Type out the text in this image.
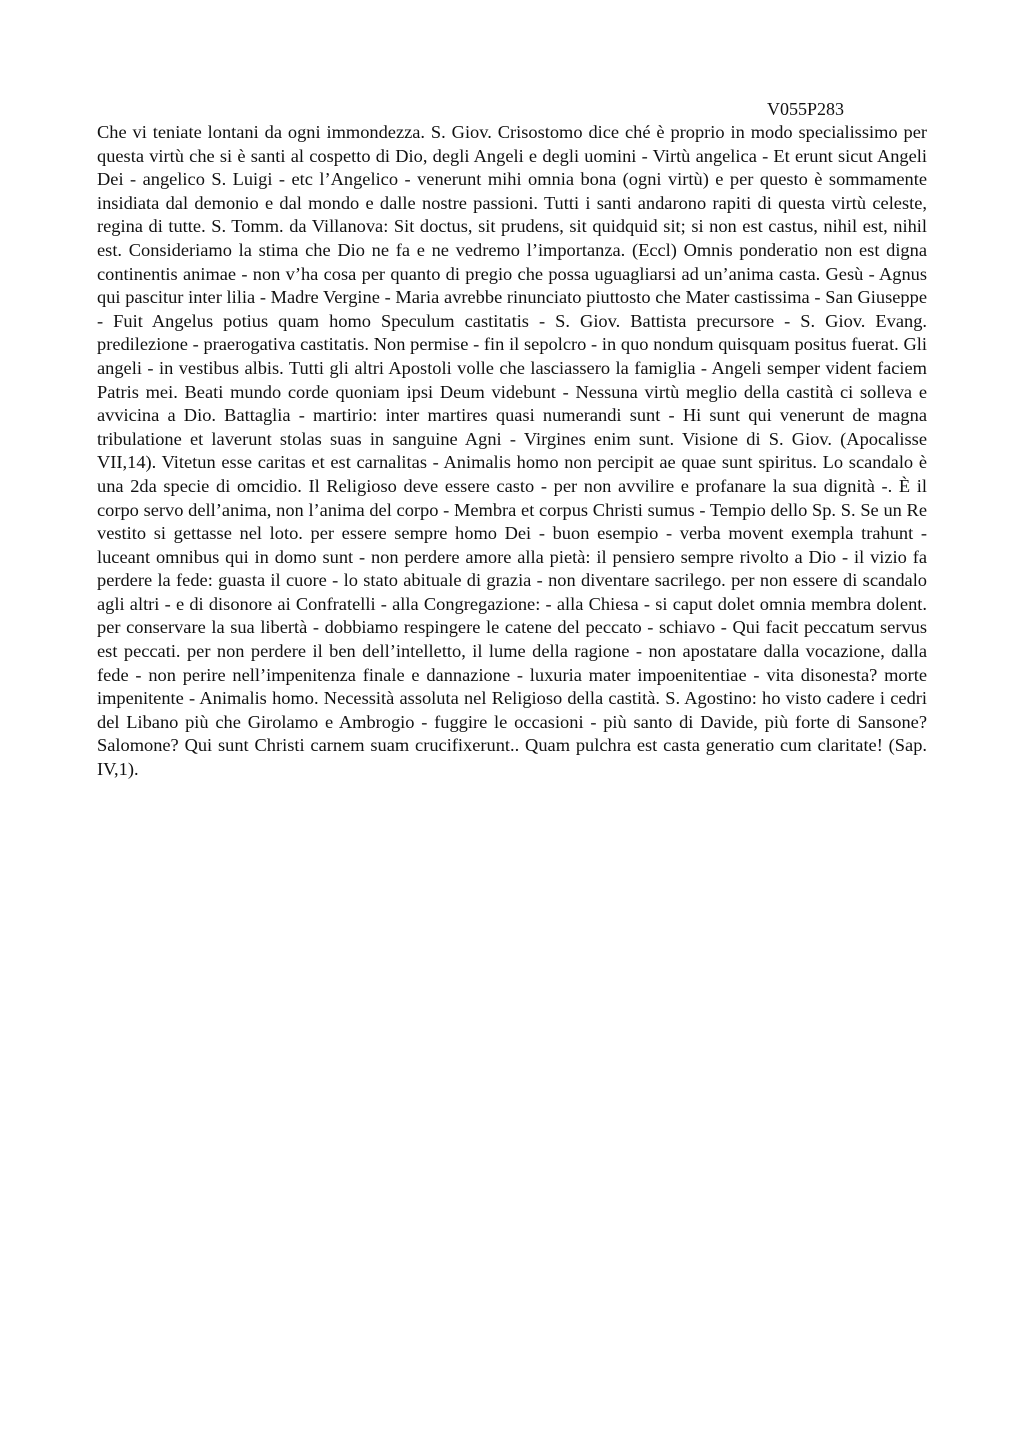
V055P283

Che vi teniate lontani da ogni immondezza. S. Giov. Crisostomo dice ché è proprio in modo specialissimo per questa virtù che si è santi al cospetto di Dio, degli Angeli e degli uomini - Virtù angelica - Et erunt sicut Angeli Dei - angelico S. Luigi - etc l’Angelico - venerunt mihi omnia bona (ogni virtù) e per questo è sommamente insidiata dal demonio e dal mondo e dalle nostre passioni. Tutti i santi andarono rapiti di questa virtù celeste, regina di tutte. S. Tomm. da Villanova: Sit doctus, sit prudens, sit quidquid sit; si non est castus, nihil est, nihil est. Consideriamo la stima che Dio ne fa e ne vedremo l’importanza. (Eccl) Omnis ponderatio non est digna continentis animae - non v’ha cosa per quanto di pregio che possa uguagliarsi ad un’anima casta. Gesù - Agnus qui pascitur inter lilia - Madre Vergine - Maria avrebbe rinunciato piuttosto che Mater castissima - San Giuseppe - Fuit Angelus potius quam homo Speculum castitatis - S. Giov. Battista precursore - S. Giov. Evang. predilezione - praerogativa castitatis. Non permise - fin il sepolcro - in quo nondum quisquam positus fuerat. Gli angeli - in vestibus albis. Tutti gli altri Apostoli volle che lasciassero la famiglia - Angeli semper vident faciem Patris mei. Beati mundo corde quoniam ipsi Deum videbunt - Nessuna virtù meglio della castità ci solleva e avvicina a Dio. Battaglia - martirio: inter martires quasi numerandi sunt - Hi sunt qui venerunt de magna tribulatione et laverunt stolas suas in sanguine Agni - Virgines enim sunt. Visione di S. Giov. (Apocalisse VII,14). Vitetun esse caritas et est carnalitas - Animalis homo non percipit ae quae sunt spiritus. Lo scandalo è una 2da specie di omcidio. Il Religioso deve essere casto - per non avvilire e profanare la sua dignità -. È il corpo servo dell’anima, non l’anima del corpo - Membra et corpus Christi sumus - Tempio dello Sp. S. Se un Re vestito si gettasse nel loto. per essere sempre homo Dei - buon esempio - verba movent exempla trahunt - luceant omnibus qui in domo sunt - non perdere amore alla pietà: il pensiero sempre rivolto a Dio - il vizio fa perdere la fede: guasta il cuore - lo stato abituale di grazia - non diventare sacrilego. per non essere di scandalo agli altri - e di disonore ai Confratelli - alla Congregazione: - alla Chiesa - si caput dolet omnia membra dolent. per conservare la sua libertà - dobbiamo respingere le catene del peccato - schiavo - Qui facit peccatum servus est peccati. per non perdere il ben dell’intelletto, il lume della ragione - non apostatare dalla vocazione, dalla fede - non perire nell’impenitenza finale e dannazione - luxuria mater impoenitentiae - vita disonesta? morte impenitente - Animalis homo. Necessità assoluta nel Religioso della castità. S. Agostino: ho visto cadere i cedri del Libano più che Girolamo e Ambrogio - fuggire le occasioni - più santo di Davide, più forte di Sansone? Salomone? Qui sunt Christi carnem suam crucifixerunt.. Quam pulchra est casta generatio cum claritate! (Sap. IV,1).
